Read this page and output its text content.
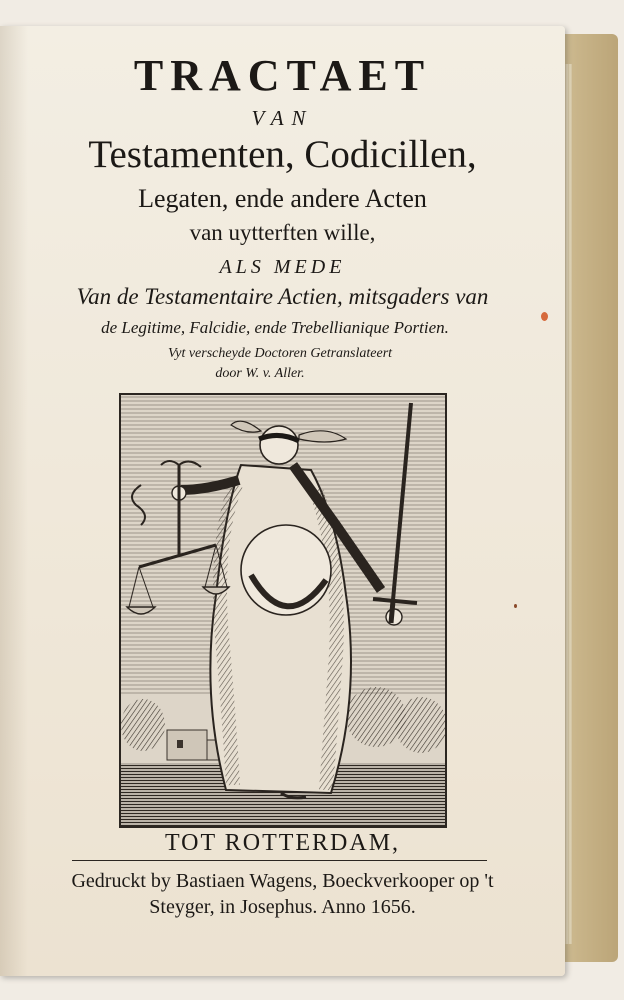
TRACTAET
VAN
Testamenten, Codicillen,
Legaten, ende andere Acten
van uytterften wille,
ALS MEDE
Van de Testamentaire Actien, mitsgaders van
de Legitime, Falcidie, ende Trebellianique Portien.
Vyt verscheyde Doctoren Getranslateert
door W. v. Aller.
TOT ROTTERDAM,
Gedruckt by Bastiaen Wagens, Boeckverkooper op 't
Steyger, in Josephus. Anno 1656.
